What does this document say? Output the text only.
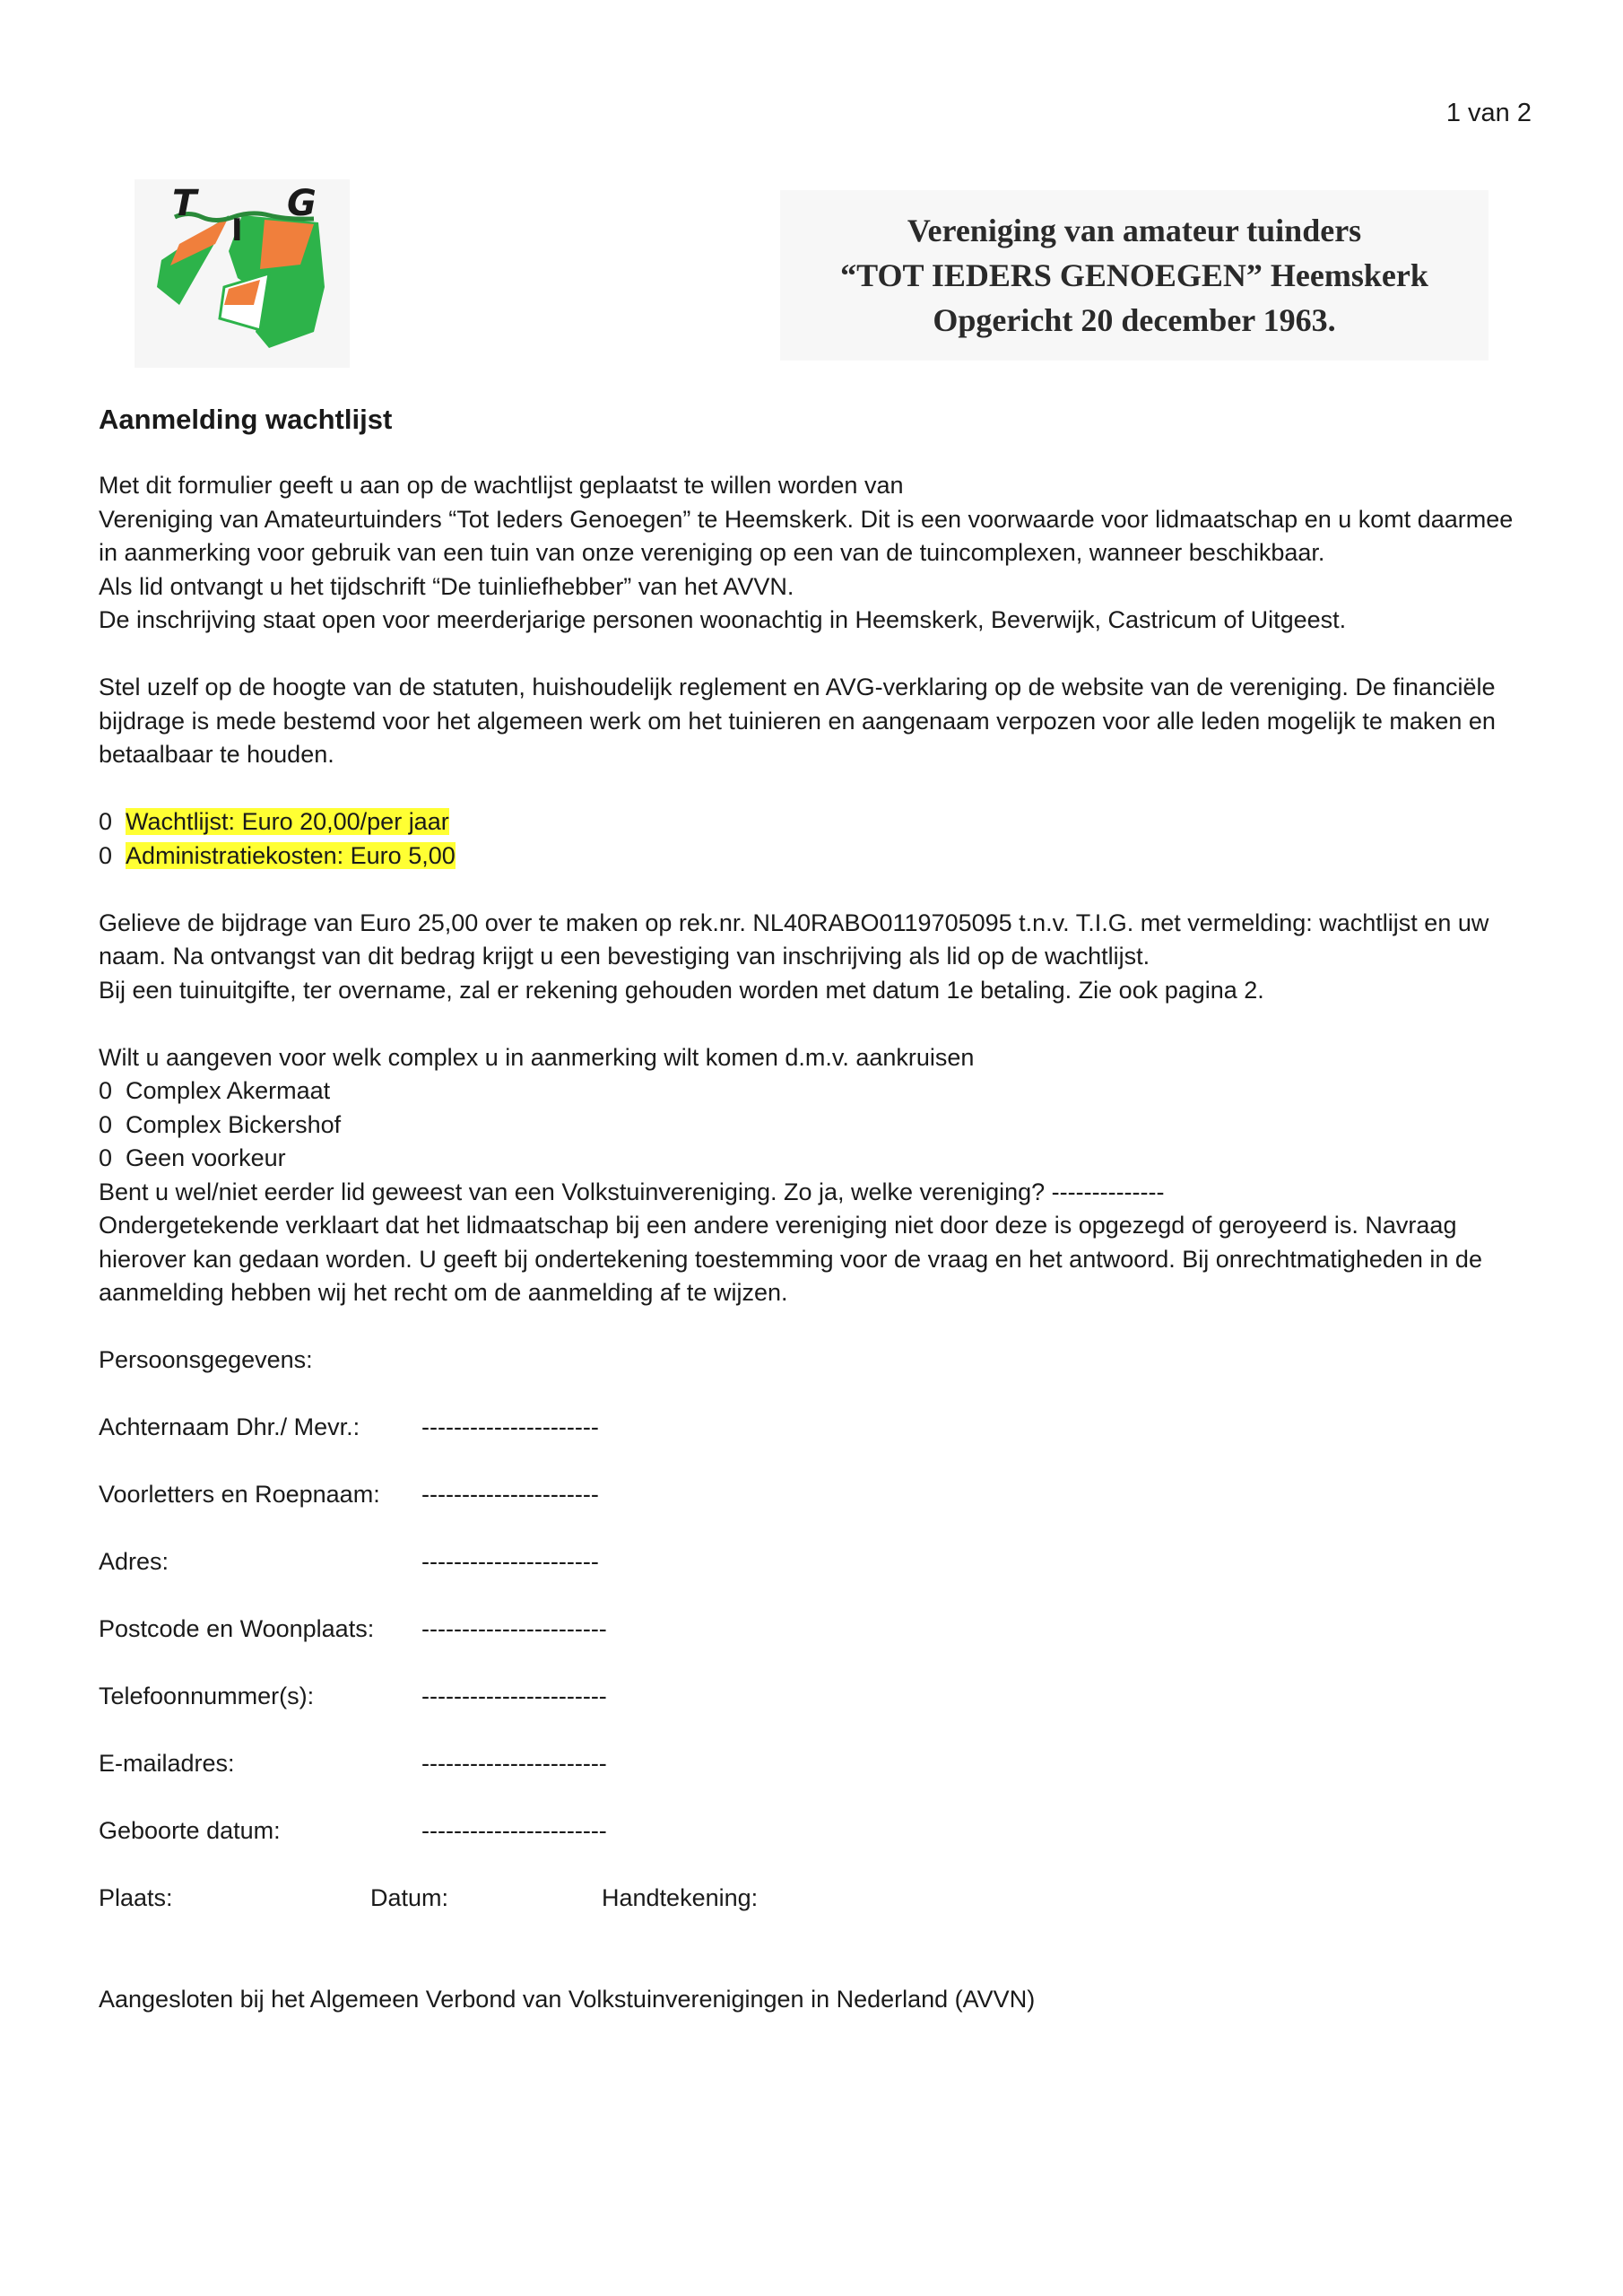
1 van 2
T
I
G
Vereniging van amateur tuinders
“TOT IEDERS GENOEGEN” Heemskerk
Opgericht 20 december 1963.
Aanmelding wachtlijst

Met dit formulier geeft u aan op de wachtlijst geplaatst te willen worden van

Vereniging van Amateurtuinders “Tot Ieders Genoegen” te Heemskerk. Dit is een voorwaarde voor lidmaatschap en u komt daarmee in aanmerking voor gebruik van een tuin van onze vereniging op een van de tuincomplexen, wanneer beschikbaar.

Als lid ontvangt u het tijdschrift “De tuinliefhebber” van het AVVN.

De inschrijving staat open voor meerderjarige personen woonachtig in Heemskerk, Beverwijk, Castricum of Uitgeest.

Stel uzelf op de hoogte van de statuten, huishoudelijk reglement en AVG-verklaring op de website van de vereniging. De financiële bijdrage is mede bestemd voor het algemeen werk om het tuinieren en aangenaam verpozen voor alle leden mogelijk te maken en betaalbaar te houden.

0 Wachtlijst: Euro 20,00/per jaar

0 Administratiekosten: Euro 5,00

Gelieve de bijdrage van Euro 25,00 over te maken op rek.nr. NL40RABO0119705095 t.n.v. T.I.G. met vermelding: wachtlijst en uw naam. Na ontvangst van dit bedrag krijgt u een bevestiging van inschrijving als lid op de wachtlijst.

Bij een tuinuitgifte, ter overname, zal er rekening gehouden worden met datum 1e betaling. Zie ook pagina 2.

Wilt u aangeven voor welk complex u in aanmerking wilt komen d.m.v. aankruisen

0 Complex Akermaat

0 Complex Bickershof

0 Geen voorkeur

Bent u wel/niet eerder lid geweest van een Volkstuinvereniging. Zo ja, welke vereniging? --------------

Ondergetekende verklaart dat het lidmaatschap bij een andere vereniging niet door deze is opgezegd of geroyeerd is. Navraag hierover kan gedaan worden. U geeft bij ondertekening toestemming voor de vraag en het antwoord. Bij onrechtmatigheden in de aanmelding hebben wij het recht om de aanmelding af te wijzen.

Persoonsgegevens:

Achternaam Dhr./ Mevr.:	----------------------
Voorletters en Roepnaam:	----------------------
Adres:	----------------------
Postcode en Woonplaats:	-----------------------
Telefoonnummer(s):	-----------------------
E-mailadres:	-----------------------
Geboorte datum:	-----------------------
Plaats:	Datum:	Handtekening:

Aangesloten bij het Algemeen Verbond van Volkstuinverenigingen in Nederland (AVVN)
